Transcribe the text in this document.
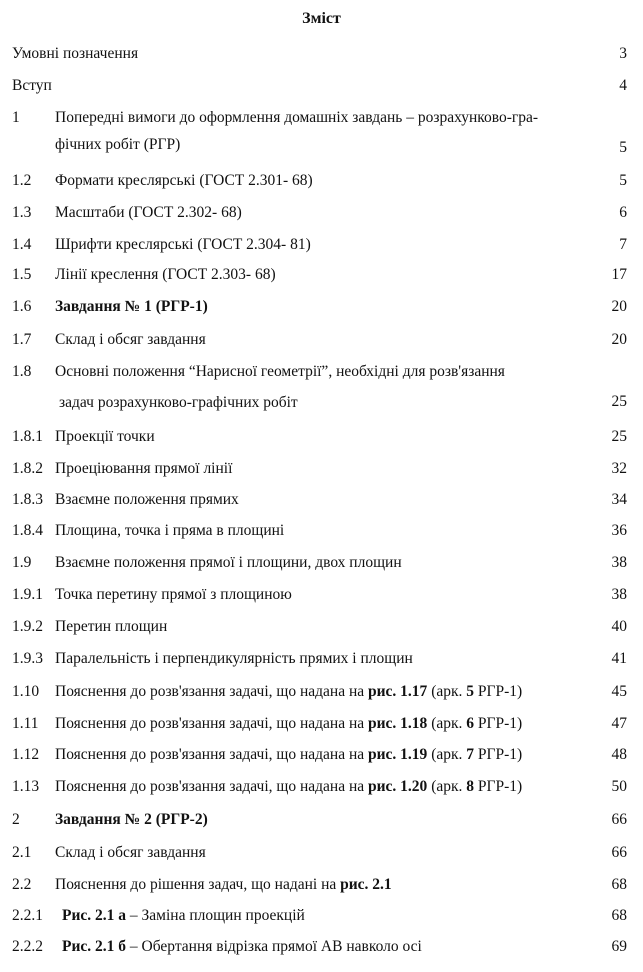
Зміст
Умовні позначення	3
Вступ	4
1 Попередні вимоги до оформлення домашніх завдань – розрахунково-гра-
фічних робіт (РГР)	5
1.2 Формати креслярські (ГОСТ 2.301- 68)	5
1.3 Масштаби (ГОСТ 2.302- 68)	6
1.4 Шрифти креслярські (ГОСТ 2.304- 81)	7
1.5 Лінії креслення (ГОСТ 2.303- 68)	17
1.6 Завдання № 1 (РГР-1)	20
1.7 Склад і обсяг завдання	20
1.8 Основні положення “Нарисної геометрії”, необхідні для розв'язання
задач розрахунково-графічних робіт	25
1.8.1 Проекції точки	25
1.8.2 Проеціювання прямої лінії	32
1.8.3 Взаємне положення прямих	34
1.8.4 Площина, точка і пряма в площині	36
1.9 Взаємне положення прямої і площини, двох площин	38
1.9.1 Точка перетину прямої з площиною	38
1.9.2 Перетин площин	40
1.9.3 Паралельність і перпендикулярність прямих і площин	41
1.10 Пояснення до розв'язання задачі, що надана на рис. 1.17 (арк. 5 РГР-1)	45
1.11 Пояснення до розв'язання задачі, що надана на рис. 1.18 (арк. 6 РГР-1)	47
1.12 Пояснення до розв'язання задачі, що надана на рис. 1.19 (арк. 7 РГР-1)	48
1.13 Пояснення до розв'язання задачі, що надана на рис. 1.20 (арк. 8 РГР-1)	50
2 Завдання № 2 (РГР-2)	66
2.1 Склад і обсяг завдання	66
2.2 Пояснення до рішення задач, що надані на рис. 2.1	68
2.2.1 Рис. 2.1 а – Заміна площин проекцій	68
2.2.2 Рис. 2.1 б – Обертання відрізка прямої АВ навколо осі	69
